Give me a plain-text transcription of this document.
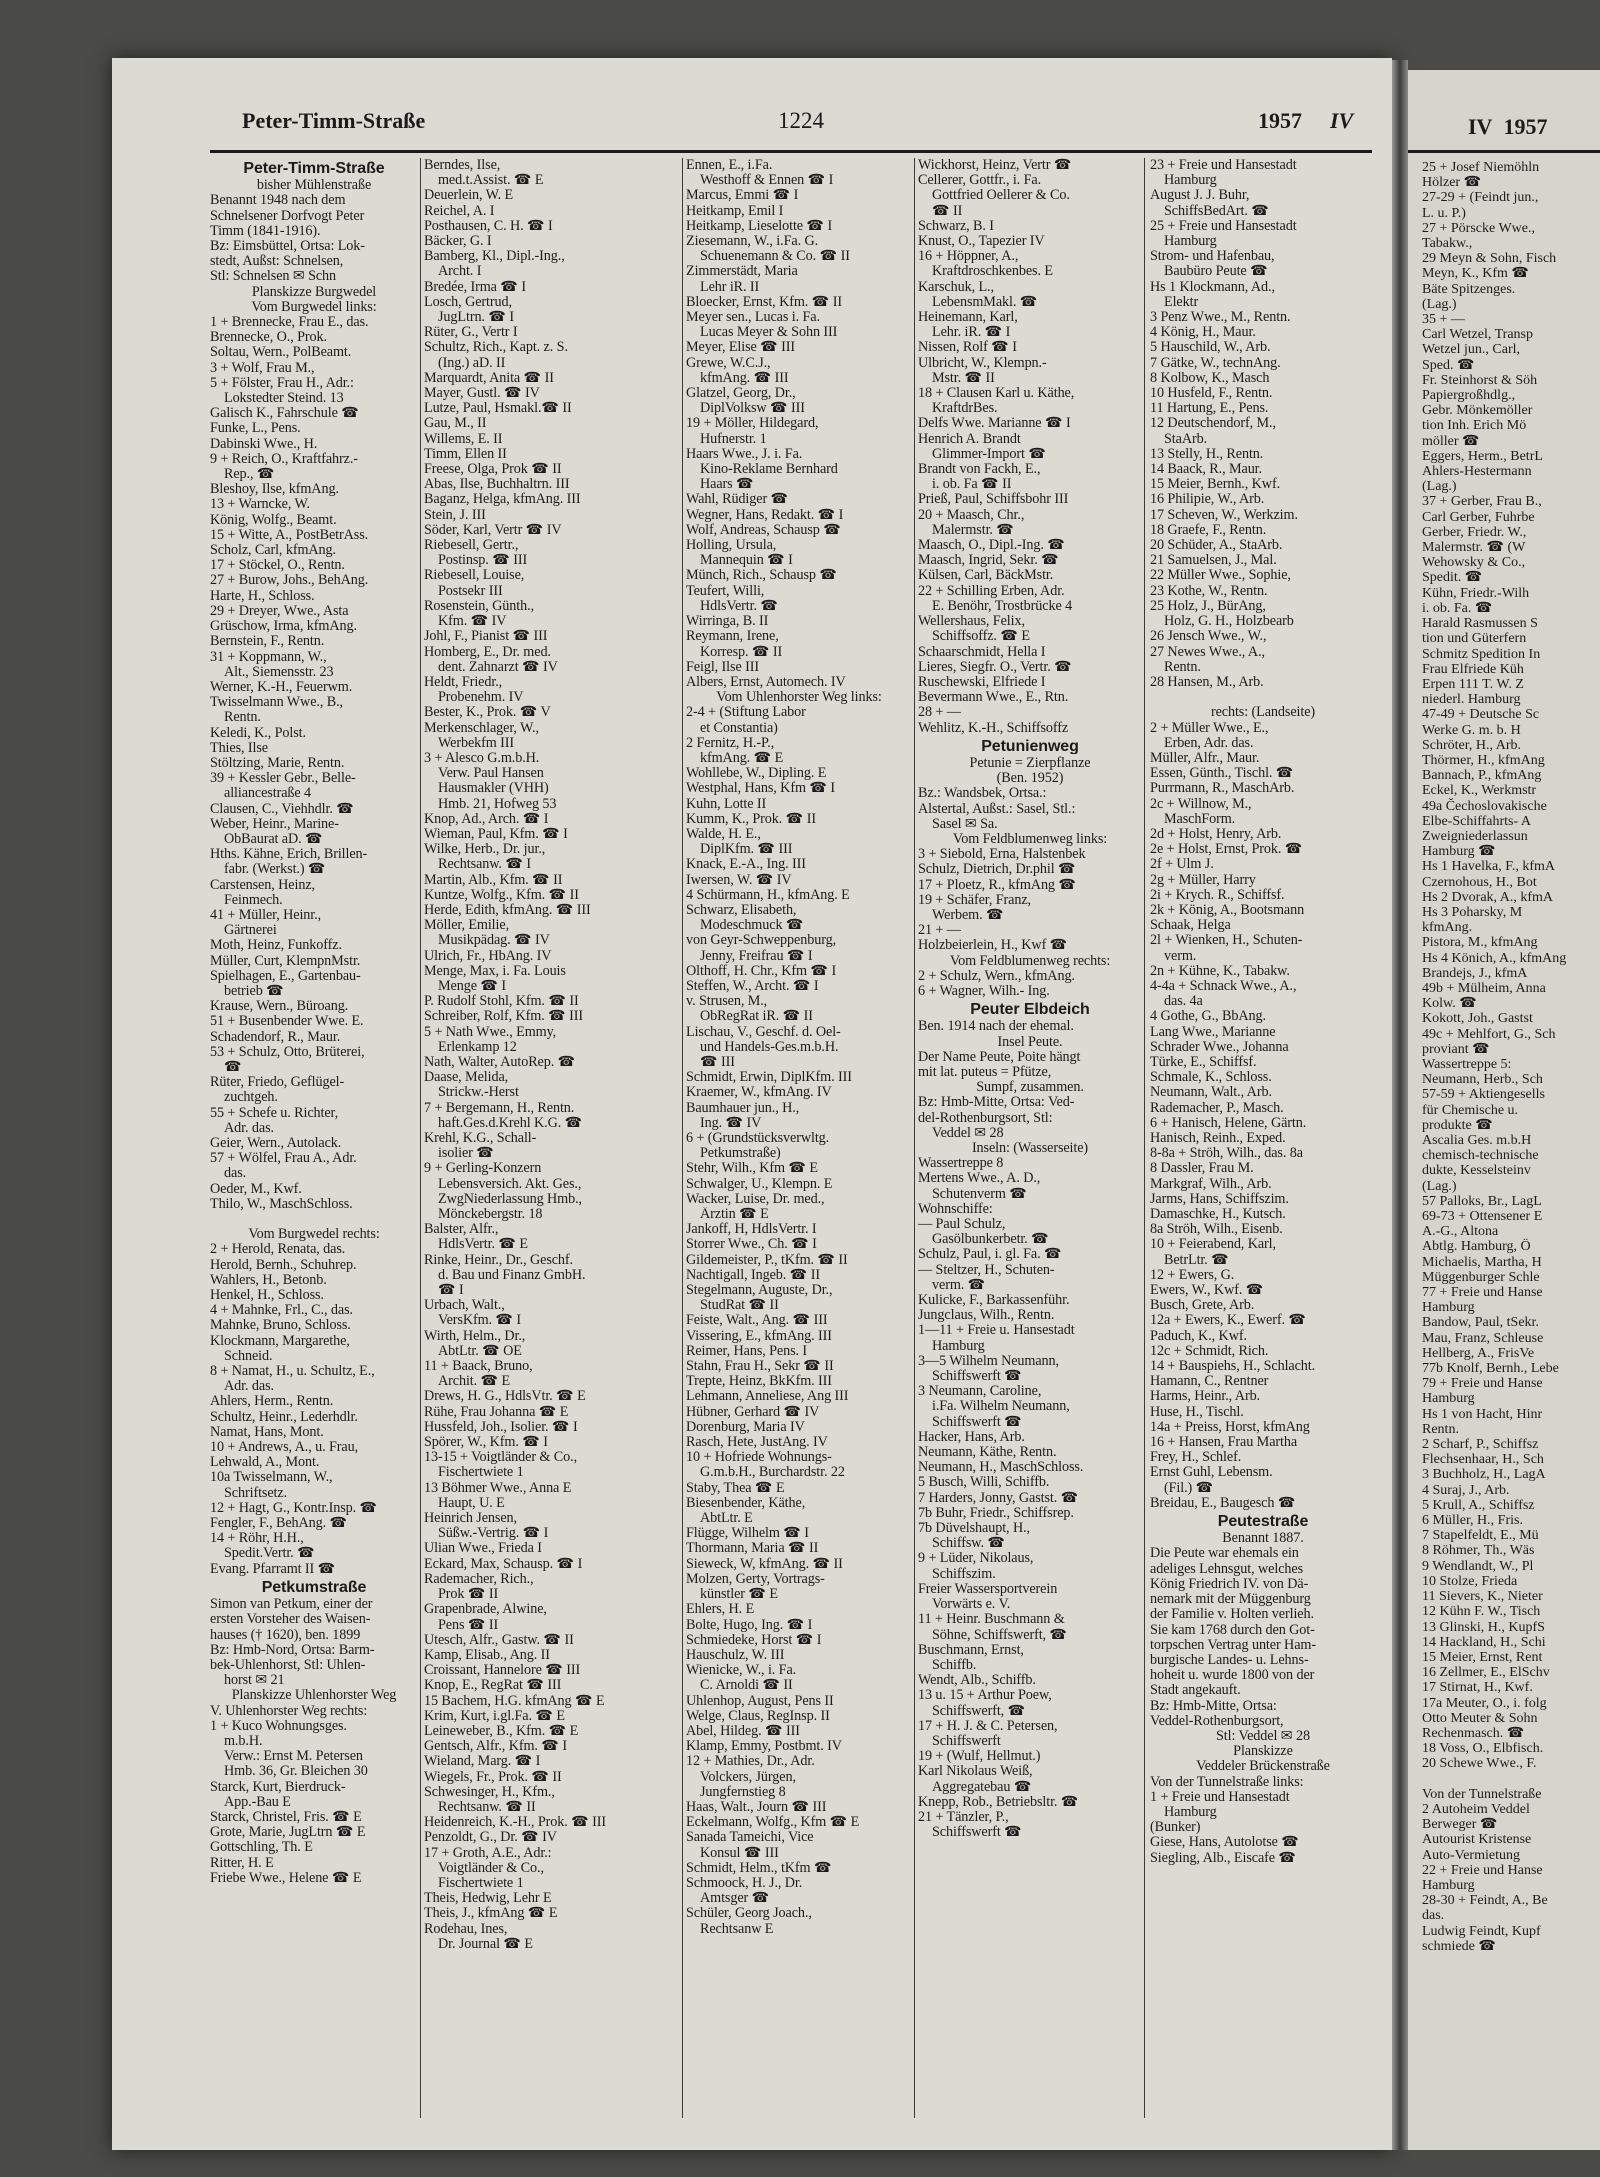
IV 1957
25 + Josef Niemöhln
Hölzer ☎
27-29 + (Feindt jun.,
L. u. P.)
27 + Pörscke Wwe.,
Tabakw.,
29 Meyn & Sohn, Fisch
Meyn, K., Kfm ☎
Bäte Spitzenges.
(Lag.)
35 + —
Carl Wetzel, Transp
Wetzel jun., Carl,
Sped. ☎
Fr. Steinhorst & Söh
Papiergroßhdlg.,
Gebr. Mönkemöller
tion Inh. Erich Mö
möller ☎
Eggers, Herm., BetrL
Ahlers-Hestermann
(Lag.)
37 + Gerber, Frau B.,
Carl Gerber, Fuhrbe
Gerber, Friedr. W.,
Malermstr. ☎ (W
Wehowsky & Co.,
Spedit. ☎
Kühn, Friedr.-Wilh
i. ob. Fa. ☎
Harald Rasmussen S
tion und Güterfern
Schmitz Spedition In
Frau Elfriede Küh
Erpen 111 T. W. Z
niederl. Hamburg
47-49 + Deutsche Sc
Werke G. m. b. H
Schröter, H., Arb.
Thörmer, H., kfmAng
Bannach, P., kfmAng
Eckel, K., Werkmstr
49a Čechoslovakische
Elbe-Schiffahrts- A
Zweigniederlassun
Hamburg ☎
Hs 1 Havelka, F., kfmA
Czernohous, H., Bot
Hs 2 Dvorak, A., kfmA
Hs 3 Poharsky, M
kfmAng.
Pistora, M., kfmAng
Hs 4 Könich, A., kfmAng
Brandejs, J., kfmA
49b + Mülheim, Anna
Kolw. ☎
Kokott, Joh., Gastst
49c + Mehlfort, G., Sch
proviant ☎
Wassertreppe 5:
Neumann, Herb., Sch
57-59 + Aktiengesells
für Chemische u.
produkte ☎
Ascalia Ges. m.b.H
chemisch-technische
dukte, Kesselsteinv
(Lag.)
57 Palloks, Br., LagL
69-73 + Ottensener E
A.-G., Altona
Abtlg. Hamburg, Ö
Michaelis, Martha, H
Müggenburger Schle
77 + Freie und Hanse
Hamburg
Bandow, Paul, tSekr.
Mau, Franz, Schleuse
Hellberg, A., FrisVe
77b Knolf, Bernh., Lebe
79 + Freie und Hanse
Hamburg
Hs 1 von Hacht, Hinr
Rentn.
2 Scharf, P., Schiffsz
Flechsenhaar, H., Sch
3 Buchholz, H., LagA
4 Suraj, J., Arb.
5 Krull, A., Schiffsz
6 Müller, H., Fris.
7 Stapelfeldt, E., Mü
8 Röhmer, Th., Wäs
9 Wendlandt, W., Pl
10 Stolze, Frieda
11 Sievers, K., Nieter
12 Kühn F. W., Tisch
13 Glinski, H., KupfS
14 Hackland, H., Schi
15 Meier, Ernst, Rent
16 Zellmer, E., ElSchv
17 Stirnat, H., Kwf.
17a Meuter, O., i. folg
Otto Meuter & Sohn
Rechenmasch. ☎
18 Voss, O., Elbfisch.
20 Schewe Wwe., F.

Von der Tunnelstraße
2 Autoheim Veddel
Berweger ☎
Autourist Kristense
Auto-Vermietung
22 + Freie und Hanse
Hamburg
28-30 + Feindt, A., Be
das.
Ludwig Feindt, Kupf
schmiede ☎
Peter-Timm-Straße	1224	1957 IV
Peter-Timm-Straße
bisher Mühlenstraße
Benannt 1948 nach dem
Schnelsener Dorfvogt Peter
Timm (1841-1916).
Bz: Eimsbüttel, Ortsa: Lok-
stedt, Außst: Schnelsen,
Stl: Schnelsen ✉ Schn
Planskizze Burgwedel
Vom Burgwedel links:
1 + Brennecke, Frau E., das.
Brennecke, O., Prok.
Soltau, Wern., PolBeamt.
3 + Wolf, Frau M.,
5 + Fölster, Frau H., Adr.:
Lokstedter Steind. 13
Galisch K., Fahrschule ☎
Funke, L., Pens.
Dabinski Wwe., H.
9 + Reich, O., Kraftfahrz.-
Rep., ☎
Bleshoy, Ilse, kfmAng.
13 + Warncke, W.
König, Wolfg., Beamt.
15 + Witte, A., PostBetrAss.
Scholz, Carl, kfmAng.
17 + Stöckel, O., Rentn.
27 + Burow, Johs., BehAng.
Harte, H., Schloss.
29 + Dreyer, Wwe., Asta
Grüschow, Irma, kfmAng.
Bernstein, F., Rentn.
31 + Koppmann, W.,
Alt., Siemensstr. 23
Werner, K.-H., Feuerwm.
Twisselmann Wwe., B.,
Rentn.
Keledi, K., Polst.
Thies, Ilse
Stöltzing, Marie, Rentn.
39 + Kessler Gebr., Belle-
alliancestraße 4
Clausen, C., Viehhdlr. ☎
Weber, Heinr., Marine-
ObBaurat aD. ☎
Hths. Kähne, Erich, Brillen-
fabr. (Werkst.) ☎
Carstensen, Heinz,
Feinmech.
41 + Müller, Heinr.,
Gärtnerei
Moth, Heinz, Funkoffz.
Müller, Curt, KlempnMstr.
Spielhagen, E., Gartenbau-
betrieb ☎
Krause, Wern., Büroang.
51 + Busenbender Wwe. E.
Schadendorf, R., Maur.
53 + Schulz, Otto, Brüterei,
☎
Rüter, Friedo, Geflügel-
zuchtgeh.
55 + Schefe u. Richter,
Adr. das.
Geier, Wern., Autolack.
57 + Wölfel, Frau A., Adr.
das.
Oeder, M., Kwf.
Thilo, W., MaschSchloss.

Vom Burgwedel rechts:
2 + Herold, Renata, das.
Herold, Bernh., Schuhrep.
Wahlers, H., Betonb.
Henkel, H., Schloss.
4 + Mahnke, Frl., C., das.
Mahnke, Bruno, Schloss.
Klockmann, Margarethe,
Schneid.
8 + Namat, H., u. Schultz, E.,
Adr. das.
Ahlers, Herm., Rentn.
Schultz, Heinr., Lederhdlr.
Namat, Hans, Mont.
10 + Andrews, A., u. Frau,
Lehwald, A., Mont.
10a Twisselmann, W.,
Schriftsetz.
12 + Hagt, G., Kontr.Insp. ☎
Fengler, F., BehAng. ☎
14 + Röhr, H.H.,
Spedit.Vertr. ☎
Evang. Pfarramt II ☎
Petkumstraße
Simon van Petkum, einer der
ersten Vorsteher des Waisen-
hauses († 1620), ben. 1899
Bz: Hmb-Nord, Ortsa: Barm-
bek-Uhlenhorst, Stl: Uhlen-
horst ✉ 21
Planskizze Uhlenhorster Weg
V. Uhlenhorster Weg rechts:
1 + Kuco Wohnungsges.
m.b.H.
Verw.: Ernst M. Petersen
Hmb. 36, Gr. Bleichen 30
Starck, Kurt, Bierdruck-
App.-Bau E
Starck, Christel, Fris. ☎ E
Grote, Marie, JugLtrn ☎ E
Gottschling, Th. E
Ritter, H. E
Friebe Wwe., Helene ☎ E
Berndes, Ilse,
med.t.Assist. ☎ E
Deuerlein, W. E
Reichel, A. I
Posthausen, C. H. ☎ I
Bäcker, G. I
Bamberg, Kl., Dipl.-Ing.,
Archt. I
Bredée, Irma ☎ I
Losch, Gertrud,
JugLtrn. ☎ I
Rüter, G., Vertr I
Schultz, Rich., Kapt. z. S.
(Ing.) aD. II
Marquardt, Anita ☎ II
Mayer, Gustl. ☎ IV
Lutze, Paul, Hsmakl.☎ II
Gau, M., II
Willems, E. II
Timm, Ellen II
Freese, Olga, Prok ☎ II
Abas, Ilse, Buchhaltrn. III
Baganz, Helga, kfmAng. III
Stein, J. III
Söder, Karl, Vertr ☎ IV
Riebesell, Gertr.,
Postinsp. ☎ III
Riebesell, Louise,
Postsekr III
Rosenstein, Günth.,
Kfm. ☎ IV
Johl, F., Pianist ☎ III
Homberg, E., Dr. med.
dent. Zahnarzt ☎ IV
Heldt, Friedr.,
Probenehm. IV
Bester, K., Prok. ☎ V
Merkenschlager, W.,
Werbekfm III
3 + Alesco G.m.b.H.
Verw. Paul Hansen
Hausmakler (VHH)
Hmb. 21, Hofweg 53
Knop, Ad., Arch. ☎ I
Wieman, Paul, Kfm. ☎ I
Wilke, Herb., Dr. jur.,
Rechtsanw. ☎ I
Martin, Alb., Kfm. ☎ II
Kuntze, Wolfg., Kfm. ☎ II
Herde, Edith, kfmAng. ☎ III
Möller, Emilie,
Musikpädag. ☎ IV
Ulrich, Fr., HbAng. IV
Menge, Max, i. Fa. Louis
Menge ☎ I
P. Rudolf Stohl, Kfm. ☎ II
Schreiber, Rolf, Kfm. ☎ III
5 + Nath Wwe., Emmy,
Erlenkamp 12
Nath, Walter, AutoRep. ☎
Daase, Melida,
Strickw.-Herst
7 + Bergemann, H., Rentn.
haft.Ges.d.Krehl K.G. ☎
Krehl, K.G., Schall-
isolier ☎
9 + Gerling-Konzern
Lebensversich. Akt. Ges.,
ZwgNiederlassung Hmb.,
Mönckebergstr. 18
Balster, Alfr.,
HdlsVertr. ☎ E
Rinke, Heinr., Dr., Geschf.
d. Bau und Finanz GmbH.
☎ I
Urbach, Walt.,
VersKfm. ☎ I
Wirth, Helm., Dr.,
AbtLtr. ☎ OE
11 + Baack, Bruno,
Archit. ☎ E
Drews, H. G., HdlsVtr. ☎ E
Rühe, Frau Johanna ☎ E
Hussfeld, Joh., Isolier. ☎ I
Spörer, W., Kfm. ☎ I
13-15 + Voigtländer & Co.,
Fischertwiete 1
13 Böhmer Wwe., Anna E
Haupt, U. E
Heinrich Jensen,
Süßw.-Vertrig. ☎ I
Ulian Wwe., Frieda I
Eckard, Max, Schausp. ☎ I
Rademacher, Rich.,
Prok ☎ II
Grapenbrade, Alwine,
Pens ☎ II
Utesch, Alfr., Gastw. ☎ II
Kamp, Elisab., Ang. II
Croissant, Hannelore ☎ III
Knop, E., RegRat ☎ III
15 Bachem, H.G. kfmAng ☎ E
Krim, Kurt, i.gl.Fa. ☎ E
Leineweber, B., Kfm. ☎ E
Gentsch, Alfr., Kfm. ☎ I
Wieland, Marg. ☎ I
Wiegels, Fr., Prok. ☎ II
Schwesinger, H., Kfm.,
Rechtsanw. ☎ II
Heidenreich, K.-H., Prok. ☎ III
Penzoldt, G., Dr. ☎ IV
17 + Groth, A.E., Adr.:
Voigtländer & Co.,
Fischertwiete 1
Theis, Hedwig, Lehr E
Theis, J., kfmAng ☎ E
Rodehau, Ines,
Dr. Journal ☎ E
Ennen, E., i.Fa.
Westhoff & Ennen ☎ I
Marcus, Emmi ☎ I
Heitkamp, Emil I
Heitkamp, Lieselotte ☎ I
Ziesemann, W., i.Fa. G.
Schuenemann & Co. ☎ II
Zimmerstädt, Maria
Lehr iR. II
Bloecker, Ernst, Kfm. ☎ II
Meyer sen., Lucas i. Fa.
Lucas Meyer & Sohn III
Meyer, Elise ☎ III
Grewe, W.C.J.,
kfmAng. ☎ III
Glatzel, Georg, Dr.,
DiplVolksw ☎ III
19 + Möller, Hildegard,
Hufnerstr. 1
Haars Wwe., J. i. Fa.
Kino-Reklame Bernhard
Haars ☎
Wahl, Rüdiger ☎
Wegner, Hans, Redakt. ☎ I
Wolf, Andreas, Schausp ☎
Holling, Ursula,
Mannequin ☎ I
Münch, Rich., Schausp ☎
Teufert, Willi,
HdlsVertr. ☎
Wirringa, B. II
Reymann, Irene,
Korresp. ☎ II
Feigl, Ilse III
Albers, Ernst, Automech. IV
Vom Uhlenhorster Weg links:
2-4 + (Stiftung Labor
et Constantia)
2 Fernitz, H.-P.,
kfmAng. ☎ E
Wohllebe, W., Dipling. E
Westphal, Hans, Kfm ☎ I
Kuhn, Lotte II
Kumm, K., Prok. ☎ II
Walde, H. E.,
DiplKfm. ☎ III
Knack, E.-A., Ing. III
Iwersen, W. ☎ IV
4 Schürmann, H., kfmAng. E
Schwarz, Elisabeth,
Modeschmuck ☎
von Geyr-Schweppenburg,
Jenny, Freifrau ☎ I
Olthoff, H. Chr., Kfm ☎ I
Steffen, W., Archt. ☎ I
v. Strusen, M.,
ObRegRat iR. ☎ II
Lischau, V., Geschf. d. Oel-
und Handels-Ges.m.b.H.
☎ III
Schmidt, Erwin, DiplKfm. III
Kraemer, W., kfmAng. IV
Baumhauer jun., H.,
Ing. ☎ IV
6 + (Grundstücksverwltg.
Petkumstraße)
Stehr, Wilh., Kfm ☎ E
Schwalger, U., Klempn. E
Wacker, Luise, Dr. med.,
Ärztin ☎ E
Jankoff, H, HdlsVertr. I
Storrer Wwe., Ch. ☎ I
Gildemeister, P., tKfm. ☎ II
Nachtigall, Ingeb. ☎ II
Stegelmann, Auguste, Dr.,
StudRat ☎ II
Feiste, Walt., Ang. ☎ III
Vissering, E., kfmAng. III
Reimer, Hans, Pens. I
Stahn, Frau H., Sekr ☎ II
Trepte, Heinz, BkKfm. III
Lehmann, Anneliese, Ang III
Hübner, Gerhard ☎ IV
Dorenburg, Maria IV
Rasch, Hete, JustAng. IV
10 + Hofriede Wohnungs-
G.m.b.H., Burchardstr. 22
Staby, Thea ☎ E
Biesenbender, Käthe,
AbtLtr. E
Flügge, Wilhelm ☎ I
Thormann, Maria ☎ II
Sieweck, W, kfmAng. ☎ II
Molzen, Gerty, Vortrags-
künstler ☎ E
Ehlers, H. E
Bolte, Hugo, Ing. ☎ I
Schmiedeke, Horst ☎ I
Hauschulz, W. III
Wienicke, W., i. Fa.
C. Arnoldi ☎ II
Uhlenhop, August, Pens II
Welge, Claus, RegInsp. II
Abel, Hildeg. ☎ III
Klamp, Emmy, Postbmt. IV
12 + Mathies, Dr., Adr.
Volckers, Jürgen,
Jungfernstieg 8
Haas, Walt., Journ ☎ III
Eckelmann, Wolfg., Kfm ☎ E
Sanada Tameichi, Vice
Konsul ☎ III
Schmidt, Helm., tKfm ☎
Schmoock, H. J., Dr.
Amtsger ☎
Schüler, Georg Joach.,
Rechtsanw E
Wickhorst, Heinz, Vertr ☎
Cellerer, Gottfr., i. Fa.
Gottfried Oellerer & Co.
☎ II
Schwarz, B. I
Knust, O., Tapezier IV
16 + Höppner, A.,
Kraftdroschkenbes. E
Karschuk, L.,
LebensmMakl. ☎
Heinemann, Karl,
Lehr. iR. ☎ I
Nissen, Rolf ☎ I
Ulbricht, W., Klempn.-
Mstr. ☎ II
18 + Clausen Karl u. Käthe,
KraftdrBes.
Delfs Wwe. Marianne ☎ I
Henrich A. Brandt
Glimmer-Import ☎
Brandt von Fackh, E.,
i. ob. Fa ☎ II
Prieß, Paul, Schiffsbohr III
20 + Maasch, Chr.,
Malermstr. ☎
Maasch, O., Dipl.-Ing. ☎
Maasch, Ingrid, Sekr. ☎
Külsen, Carl, BäckMstr.
22 + Schilling Erben, Adr.
E. Benöhr, Trostbrücke 4
Wellershaus, Felix,
Schiffsoffz. ☎ E
Schaarschmidt, Hella I
Lieres, Siegfr. O., Vertr. ☎
Ruschewski, Elfriede I
Bevermann Wwe., E., Rtn.
28 + —
Wehlitz, K.-H., Schiffsoffz
Petunienweg
Petunie = Zierpflanze
(Ben. 1952)
Bz.: Wandsbek, Ortsa.:
Alstertal, Außst.: Sasel, Stl.:
Sasel ✉ Sa.
Vom Feldblumenweg links:
3 + Siebold, Erna, Halstenbek
Schulz, Dietrich, Dr.phil ☎
17 + Ploetz, R., kfmAng ☎
19 + Schäfer, Franz,
Werbem. ☎
21 + —
Holzbeierlein, H., Kwf ☎
Vom Feldblumenweg rechts:
2 + Schulz, Wern., kfmAng.
6 + Wagner, Wilh.- Ing.
Peuter Elbdeich
Ben. 1914 nach der ehemal.
Insel Peute.
Der Name Peute, Poite hängt
mit lat. puteus = Pfütze,
Sumpf, zusammen.
Bz: Hmb-Mitte, Ortsa: Ved-
del-Rothenburgsort, Stl:
Veddel ✉ 28
Inseln: (Wasserseite)
Wassertreppe 8
Mertens Wwe., A. D.,
Schutenverm ☎
Wohnschiffe:
— Paul Schulz,
Gasölbunkerbetr. ☎
Schulz, Paul, i. gl. Fa. ☎
— Steltzer, H., Schuten-
verm. ☎
Kulicke, F., Barkassenführ.
Jungclaus, Wilh., Rentn.
1—11 + Freie u. Hansestadt
Hamburg
3—5 Wilhelm Neumann,
Schiffswerft ☎
3 Neumann, Caroline,
i.Fa. Wilhelm Neumann,
Schiffswerft ☎
Hacker, Hans, Arb.
Neumann, Käthe, Rentn.
Neumann, H., MaschSchloss.
5 Busch, Willi, Schiffb.
7 Harders, Jonny, Gastst. ☎
7b Buhr, Friedr., Schiffsrep.
7b Düvelshaupt, H.,
Schiffsw. ☎
9 + Lüder, Nikolaus,
Schiffszim.
Freier Wassersportverein
Vorwärts e. V.
11 + Heinr. Buschmann &
Söhne, Schiffswerft, ☎
Buschmann, Ernst,
Schiffb.
Wendt, Alb., Schiffb.
13 u. 15 + Arthur Poew,
Schiffswerft, ☎
17 + H. J. & C. Petersen,
Schiffswerft
19 + (Wulf, Hellmut.)
Karl Nikolaus Weiß,
Aggregatebau ☎
Knepp, Rob., Betriebsltr. ☎
21 + Tänzler, P.,
Schiffswerft ☎
23 + Freie und Hansestadt
Hamburg
August J. J. Buhr,
SchiffsBedArt. ☎
25 + Freie und Hansestadt
Hamburg
Strom- und Hafenbau,
Baubüro Peute ☎
Hs 1 Klockmann, Ad.,
Elektr
3 Penz Wwe., M., Rentn.
4 König, H., Maur.
5 Hauschild, W., Arb.
7 Gätke, W., technAng.
8 Kolbow, K., Masch
10 Husfeld, F., Rentn.
11 Hartung, E., Pens.
12 Deutschendorf, M.,
StaArb.
13 Stelly, H., Rentn.
14 Baack, R., Maur.
15 Meier, Bernh., Kwf.
16 Philipie, W., Arb.
17 Scheven, W., Werkzim.
18 Graefe, F., Rentn.
20 Schüder, A., StaArb.
21 Samuelsen, J., Mal.
22 Müller Wwe., Sophie,
23 Kothe, W., Rentn.
25 Holz, J., BürAng,
Holz, G. H., Holzbearb
26 Jensch Wwe., W.,
27 Newes Wwe., A.,
Rentn.
28 Hansen, M., Arb.

rechts: (Landseite)
2 + Müller Wwe., E.,
Erben, Adr. das.
Müller, Alfr., Maur.
Essen, Günth., Tischl. ☎
Purrmann, R., MaschArb.
2c + Willnow, M.,
MaschForm.
2d + Holst, Henry, Arb.
2e + Holst, Ernst, Prok. ☎
2f + Ulm J.
2g + Müller, Harry
2i + Krych. R., Schiffsf.
2k + König, A., Bootsmann
Schaak, Helga
2l + Wienken, H., Schuten-
verm.
2n + Kühne, K., Tabakw.
4-4a + Schnack Wwe., A.,
das. 4a
4 Gothe, G., BbAng.
Lang Wwe., Marianne
Schrader Wwe., Johanna
Türke, E., Schiffsf.
Schmale, K., Schloss.
Neumann, Walt., Arb.
Rademacher, P., Masch.
6 + Hanisch, Helene, Gärtn.
Hanisch, Reinh., Exped.
8-8a + Ströh, Wilh., das. 8a
8 Dassler, Frau M.
Markgraf, Wilh., Arb.
Jarms, Hans, Schiffszim.
Damaschke, H., Kutsch.
8a Ströh, Wilh., Eisenb.
10 + Feierabend, Karl,
BetrLtr. ☎
12 + Ewers, G.
Ewers, W., Kwf. ☎
Busch, Grete, Arb.
12a + Ewers, K., Ewerf. ☎
Paduch, K., Kwf.
12c + Schmidt, Rich.
14 + Bauspiehs, H., Schlacht.
Hamann, C., Rentner
Harms, Heinr., Arb.
Huse, H., Tischl.
14a + Preiss, Horst, kfmAng
16 + Hansen, Frau Martha
Frey, H., Schlef.
Ernst Guhl, Lebensm.
(Fil.) ☎
Breidau, E., Baugesch ☎
Peutestraße
Benannt 1887.
Die Peute war ehemals ein
adeliges Lehnsgut, welches
König Friedrich IV. von Dä-
nemark mit der Müggenburg
der Familie v. Holten verlieh.
Sie kam 1768 durch den Got-
torpschen Vertrag unter Ham-
burgische Landes- u. Lehns-
hoheit u. wurde 1800 von der
Stadt angekauft.
Bz: Hmb-Mitte, Ortsa:
Veddel-Rothenburgsort,
Stl: Veddel ✉ 28
Planskizze
Veddeler Brückenstraße
Von der Tunnelstraße links:
1 + Freie und Hansestadt
Hamburg
(Bunker)
Giese, Hans, Autolotse ☎
Siegling, Alb., Eiscafe ☎
